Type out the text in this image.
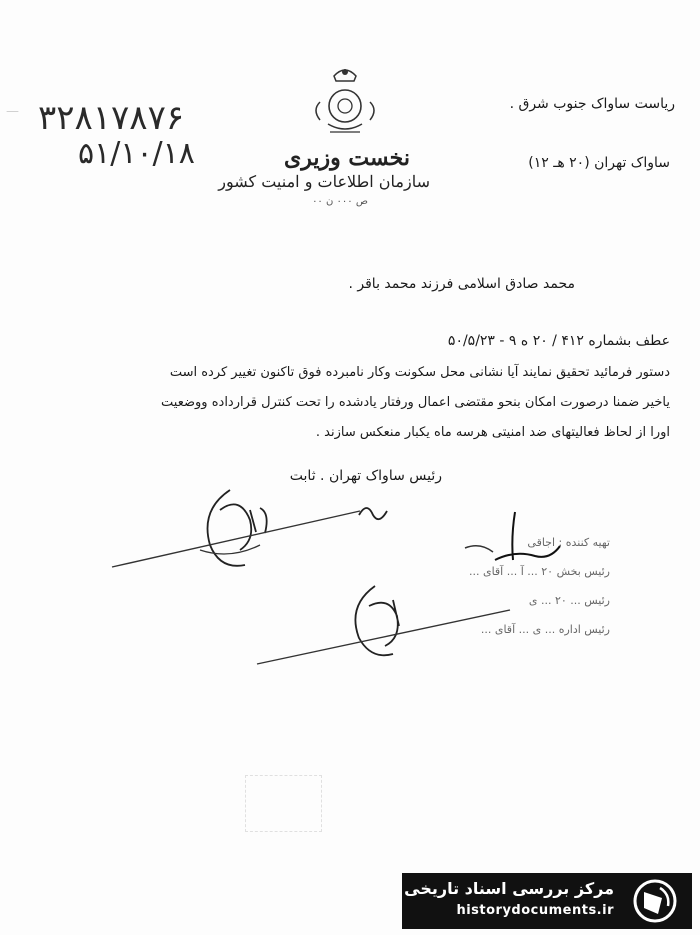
— ۳۲۸۱۷۸۷۶
۵۱/۱۰/۱۸	نخست وزیری
سازمان اطلاعات و امنیت کشور
ص ۰۰۰ ن ۰۰
ریاست ساواک جنوب شرق .
ساواک تهران (۲۰ هـ ۱۲)
محمد صادق اسلامی فرزند محمد باقر .
عطف بشماره ۴۱۲ / ۲۰ ه ۹ - ۵۰/۵/۲۳
دستور فرمائید تحقیق نمایند آیا نشانی محل سکونت وکار نامبرده فوق تاکنون تغییر کرده است
یاخیر ضمنا درصورت امکان بنحو مقتضی اعمال ورفتار یادشده را تحت کنترل قرارداده ووضعیت
اورا از لحاظ فعالیتهای ضد امنیتی هرسه ماه یکبار منعکس سازند .
رئیس ساواک تهران . ثابت
تهیه کننده : اجاقی
رئیس بخش ۲۰ ... آ ... آقای ...
رئیس ... ۲۰ ... ی
رئیس اداره ... ی ... آقای ...
مرکز بررسی اسناد تاریخی
historydocuments.ir
